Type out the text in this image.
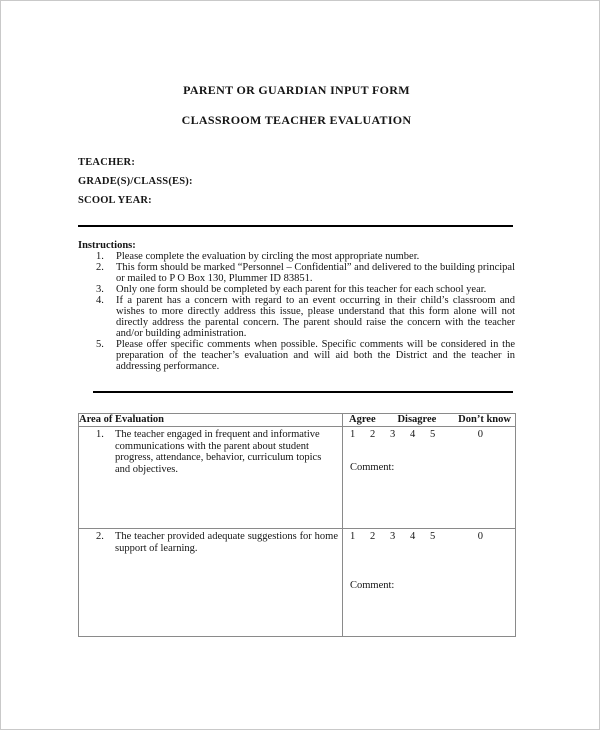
PARENT OR GUARDIAN INPUT FORM
CLASSROOM TEACHER EVALUATION
TEACHER:
GRADE(S)/CLASS(ES):
SCOOL YEAR:
Instructions:
1.	Please complete the evaluation by circling the most appropriate number.
2.	This form should be marked “Personnel – Confidential” and delivered to the building principal or mailed to P O Box 130, Plummer ID 83851.
3.	Only one form should be completed by each parent for this teacher for each school year.
4.	If a parent has a concern with regard to an event occurring in their child’s classroom and wishes to more directly address this issue, please understand that this form alone will not directly address the parental concern. The parent should raise the concern with the teacher and/or building administration.
5.	Please offer specific comments when possible. Specific comments will be considered in the preparation of the teacher’s evaluation and will aid both the District and the teacher in addressing performance.
Area of Evaluation	Agree Disagree Don’t know

1.	The teacher engaged in frequent and informative communications with the parent about student progress, attendance, behavior, curriculum topics and objectives.

1	2	3	4	5	0
Comment:

2.	The teacher provided adequate suggestions for home support of learning.

1	2	3	4	5	0
Comment:
